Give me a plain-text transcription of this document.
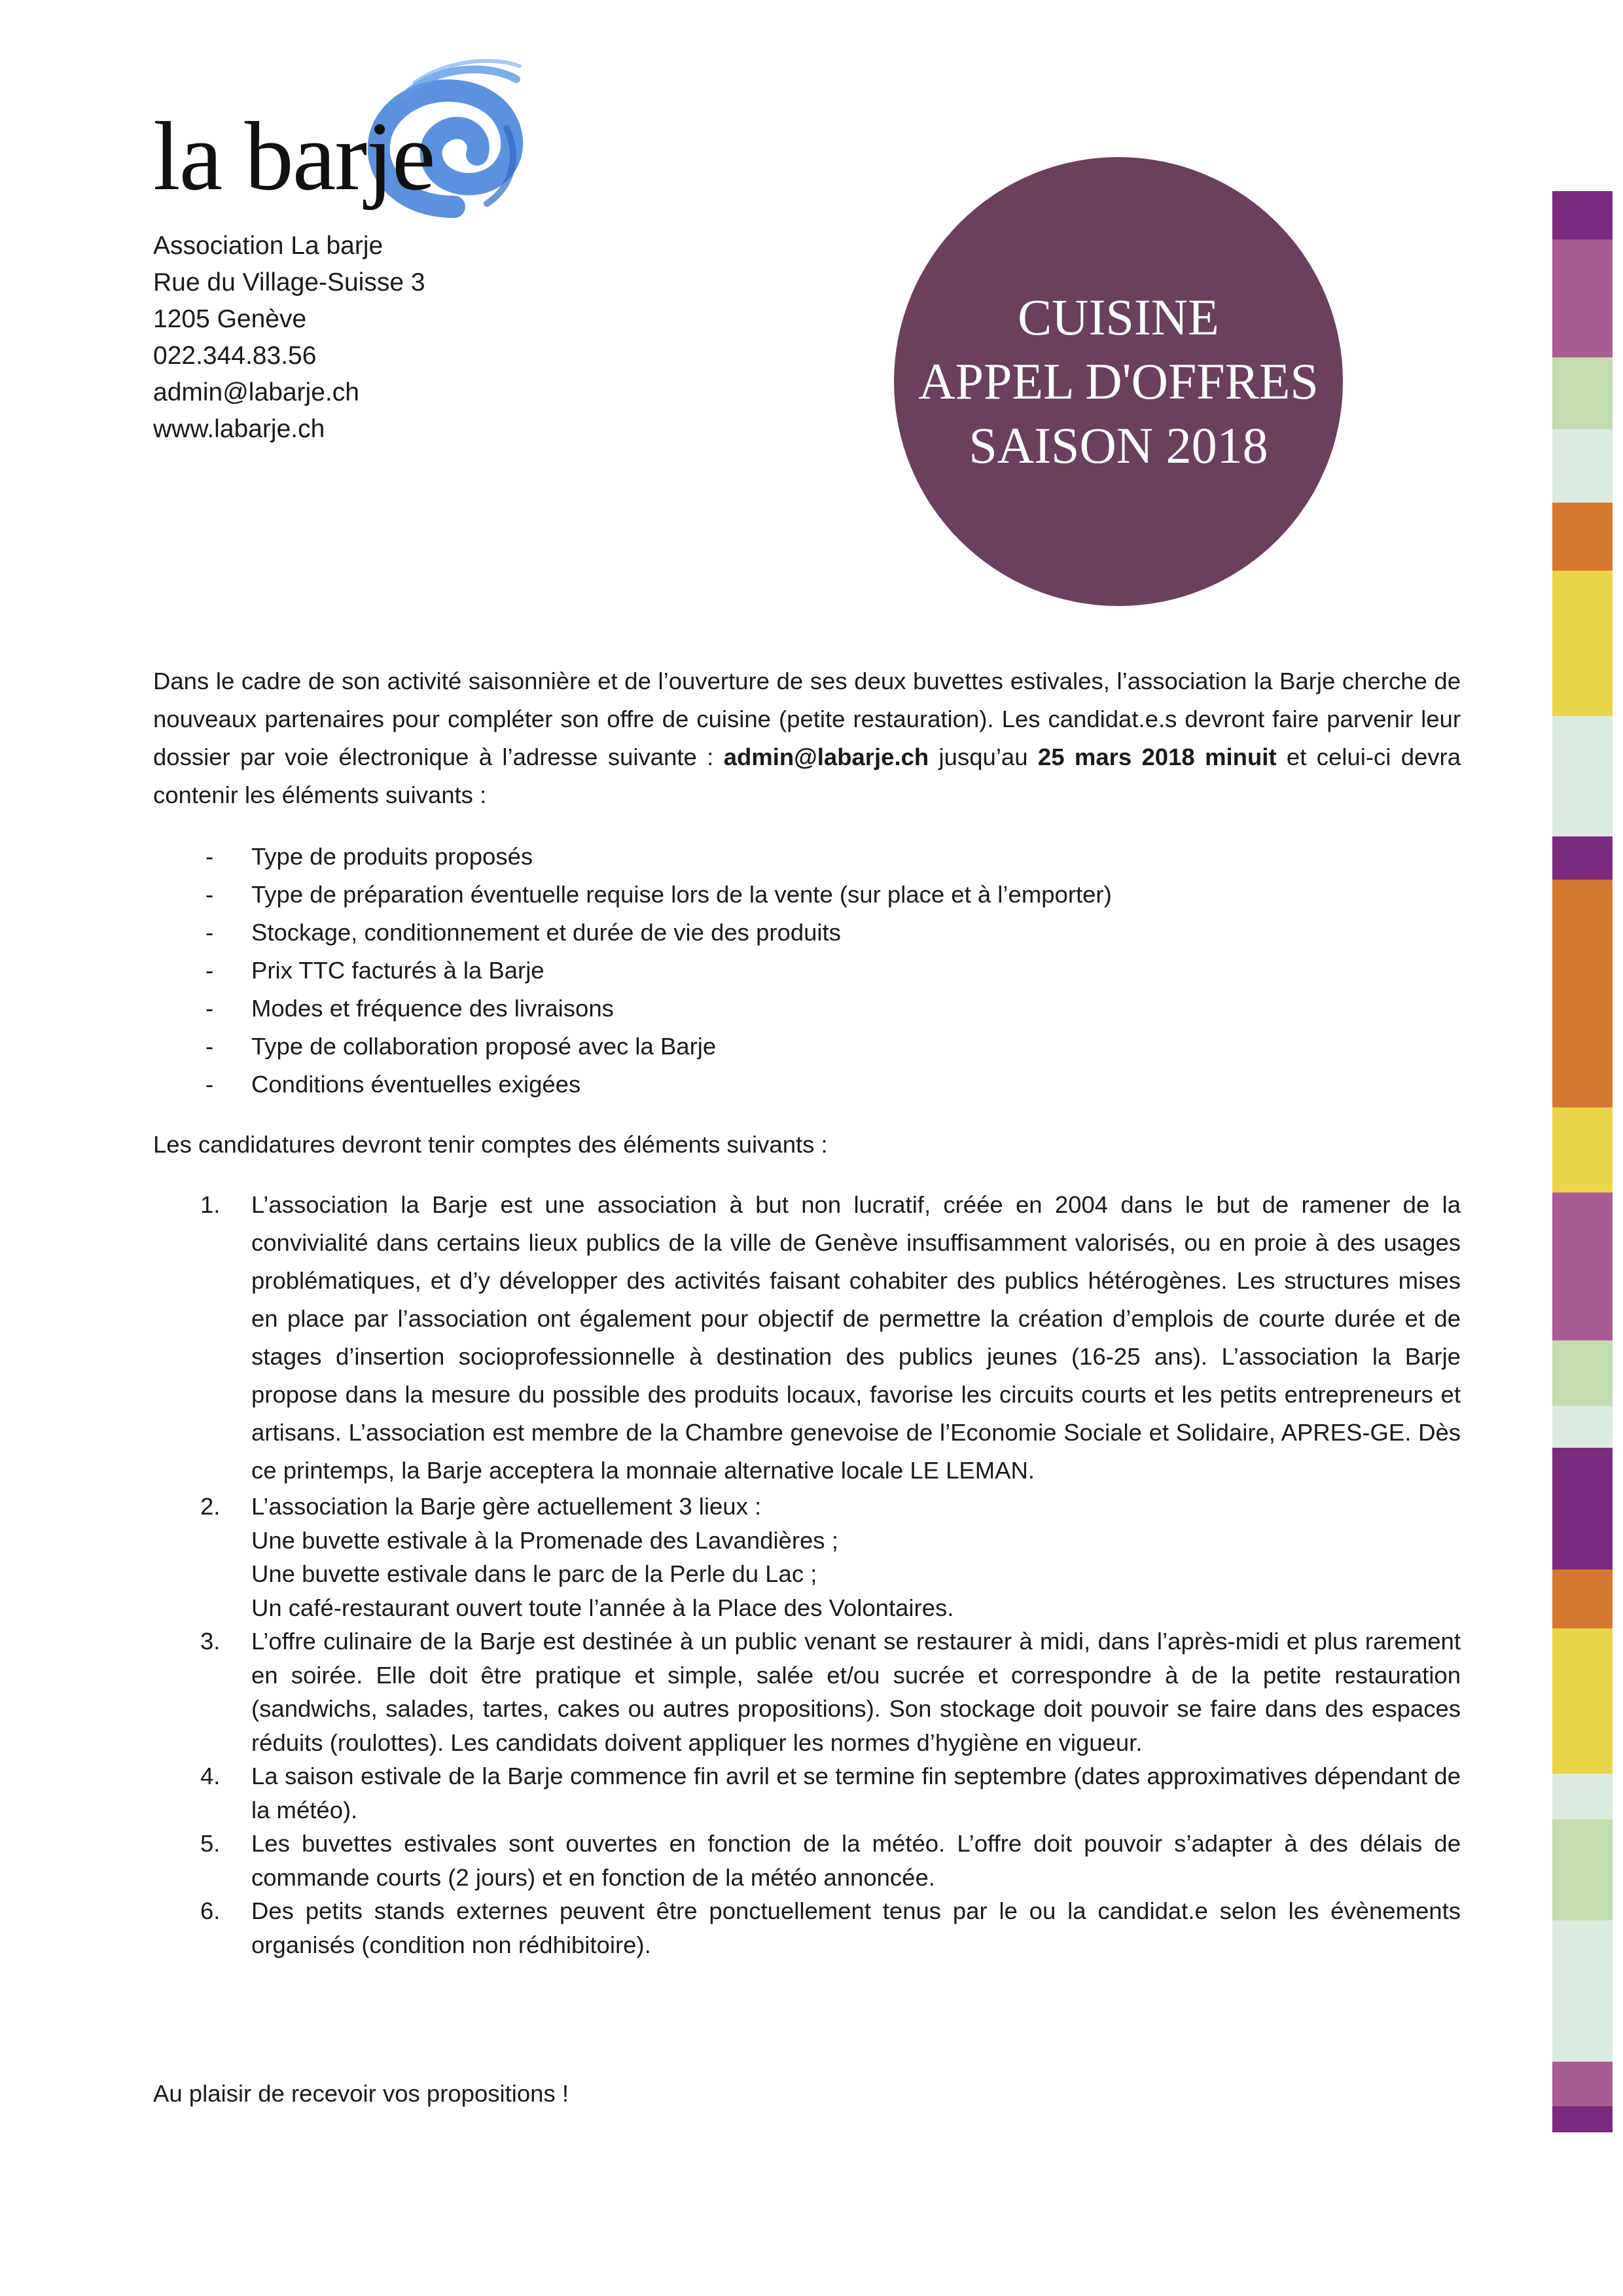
la barje
Association La barje
Rue du Village-Suisse 3
1205 Genève
022.344.83.56
admin@labarje.ch
www.labarje.ch
CUISINE
APPEL D'OFFRES
SAISON 2018

Dans le cadre de son activité saisonnière et de l’ouverture de ses deux buvettes estivales, l’association la Barje cherche de nouveaux partenaires pour compléter son offre de cuisine (petite restauration). Les candidat.e.s devront faire parvenir leur dossier par voie électronique à l’adresse suivante : admin@labarje.ch jusqu’au 25 mars 2018 minuit et celui-ci devra contenir les éléments suivants :

- Type de produits proposés
- Type de préparation éventuelle requise lors de la vente (sur place et à l’emporter)
- Stockage, conditionnement et durée de vie des produits
- Prix TTC facturés à la Barje
- Modes et fréquence des livraisons
- Type de collaboration proposé avec la Barje
- Conditions éventuelles exigées

Les candidatures devront tenir comptes des éléments suivants :

1. L’association la Barje est une association à but non lucratif, créée en 2004 dans le but de ramener de la convivialité dans certains lieux publics de la ville de Genève insuffisamment valorisés, ou en proie à des usages problématiques, et d’y développer des activités faisant cohabiter des publics hétérogènes. Les structures mises en place par l’association ont également pour objectif de permettre la création d’emplois de courte durée et de stages d’insertion socioprofessionnelle à destination des publics jeunes (16-25 ans). L’association la Barje propose dans la mesure du possible des produits locaux, favorise les circuits courts et les petits entrepreneurs et artisans. L’association est membre de la Chambre genevoise de l’Economie Sociale et Solidaire, APRES-GE. Dès ce printemps, la Barje acceptera la monnaie alternative locale LE LEMAN.
2. L’association la Barje gère actuellement 3 lieux :
Une buvette estivale à la Promenade des Lavandières ;
Une buvette estivale dans le parc de la Perle du Lac ;
Un café-restaurant ouvert toute l’année à la Place des Volontaires.
3. L’offre culinaire de la Barje est destinée à un public venant se restaurer à midi, dans l’après-midi et plus rarement en soirée. Elle doit être pratique et simple, salée et/ou sucrée et correspondre à de la petite restauration (sandwichs, salades, tartes, cakes ou autres propositions). Son stockage doit pouvoir se faire dans des espaces réduits (roulottes). Les candidats doivent appliquer les normes d’hygiène en vigueur.
4. La saison estivale de la Barje commence fin avril et se termine fin septembre (dates approximatives dépendant de la météo).
5. Les buvettes estivales sont ouvertes en fonction de la météo. L’offre doit pouvoir s’adapter à des délais de commande courts (2 jours) et en fonction de la météo annoncée.
6. Des petits stands externes peuvent être ponctuellement tenus par le ou la candidat.e selon les évènements organisés (condition non rédhibitoire).
Au plaisir de recevoir vos propositions !
